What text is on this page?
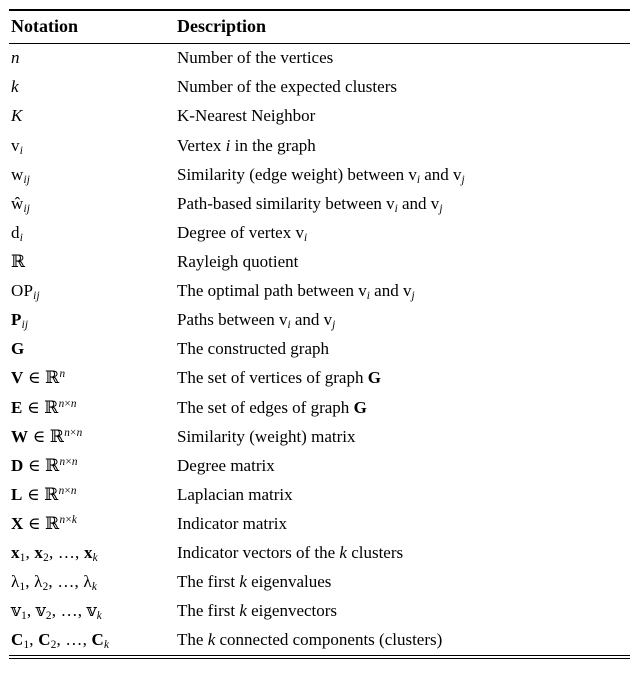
Notation	Description
n	Number of the vertices
k	Number of the expected clusters
K	K-Nearest Neighbor
$v_i$	Vertex i in the graph
$w_{ij}$	Similarity (edge weight) between $v_i$ and $v_j$
$ŵ_{ij}$	Path-based similarity between $v_i$ and $v_j$
$d_i$	Degree of vertex $v_i$
ℝ	Rayleigh quotient
$OP_{ij}$	The optimal path between $v_i$ and $v_j$
$P_{ij}$	Paths between $v_i$ and $v_j$
G	The constructed graph
V ∈ ℝ$^n$	The set of vertices of graph G
E ∈ ℝ$^{n\times n}$	The set of edges of graph G
W ∈ ℝ$^{n\times n}$	Similarity (weight) matrix
D ∈ ℝ$^{n\times n}$	Degree matrix
L ∈ ℝ$^{n\times n}$	Laplacian matrix
X ∈ ℝ$^{n\times k}$	Indicator matrix
$x_1$, $x_2$, …, $x_k$	Indicator vectors of the k clusters
$\lambda_1$, $\lambda_2$, …, $\lambda_k$	The first k eigenvalues
𝕧$_1$, 𝕧$_2$, …, 𝕧$_k$	The first k eigenvectors
$C_1$, $C_2$, …, $C_k$	The k connected components (clusters)
